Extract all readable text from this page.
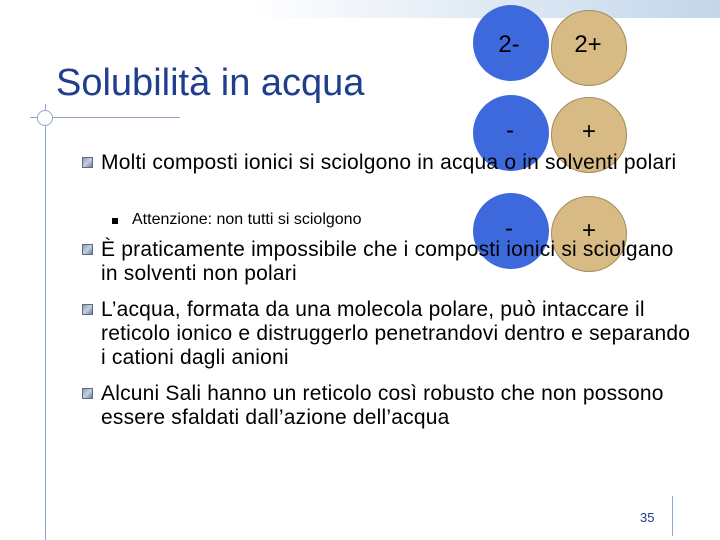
Solubilità in acqua
2- 2+
-	+
-	+
Molti composti ionici si sciolgono in acqua o in solventi polari
Attenzione: non tutti si sciolgono
È praticamente impossibile che i composti ionici si sciolgano in solventi non polari
L’acqua, formata da una molecola polare, può intaccare il reticolo ionico e distruggerlo penetrandovi dentro e separando i cationi dagli anioni
Alcuni Sali hanno un reticolo così robusto che non possono essere sfaldati dall’azione dell’acqua
35
